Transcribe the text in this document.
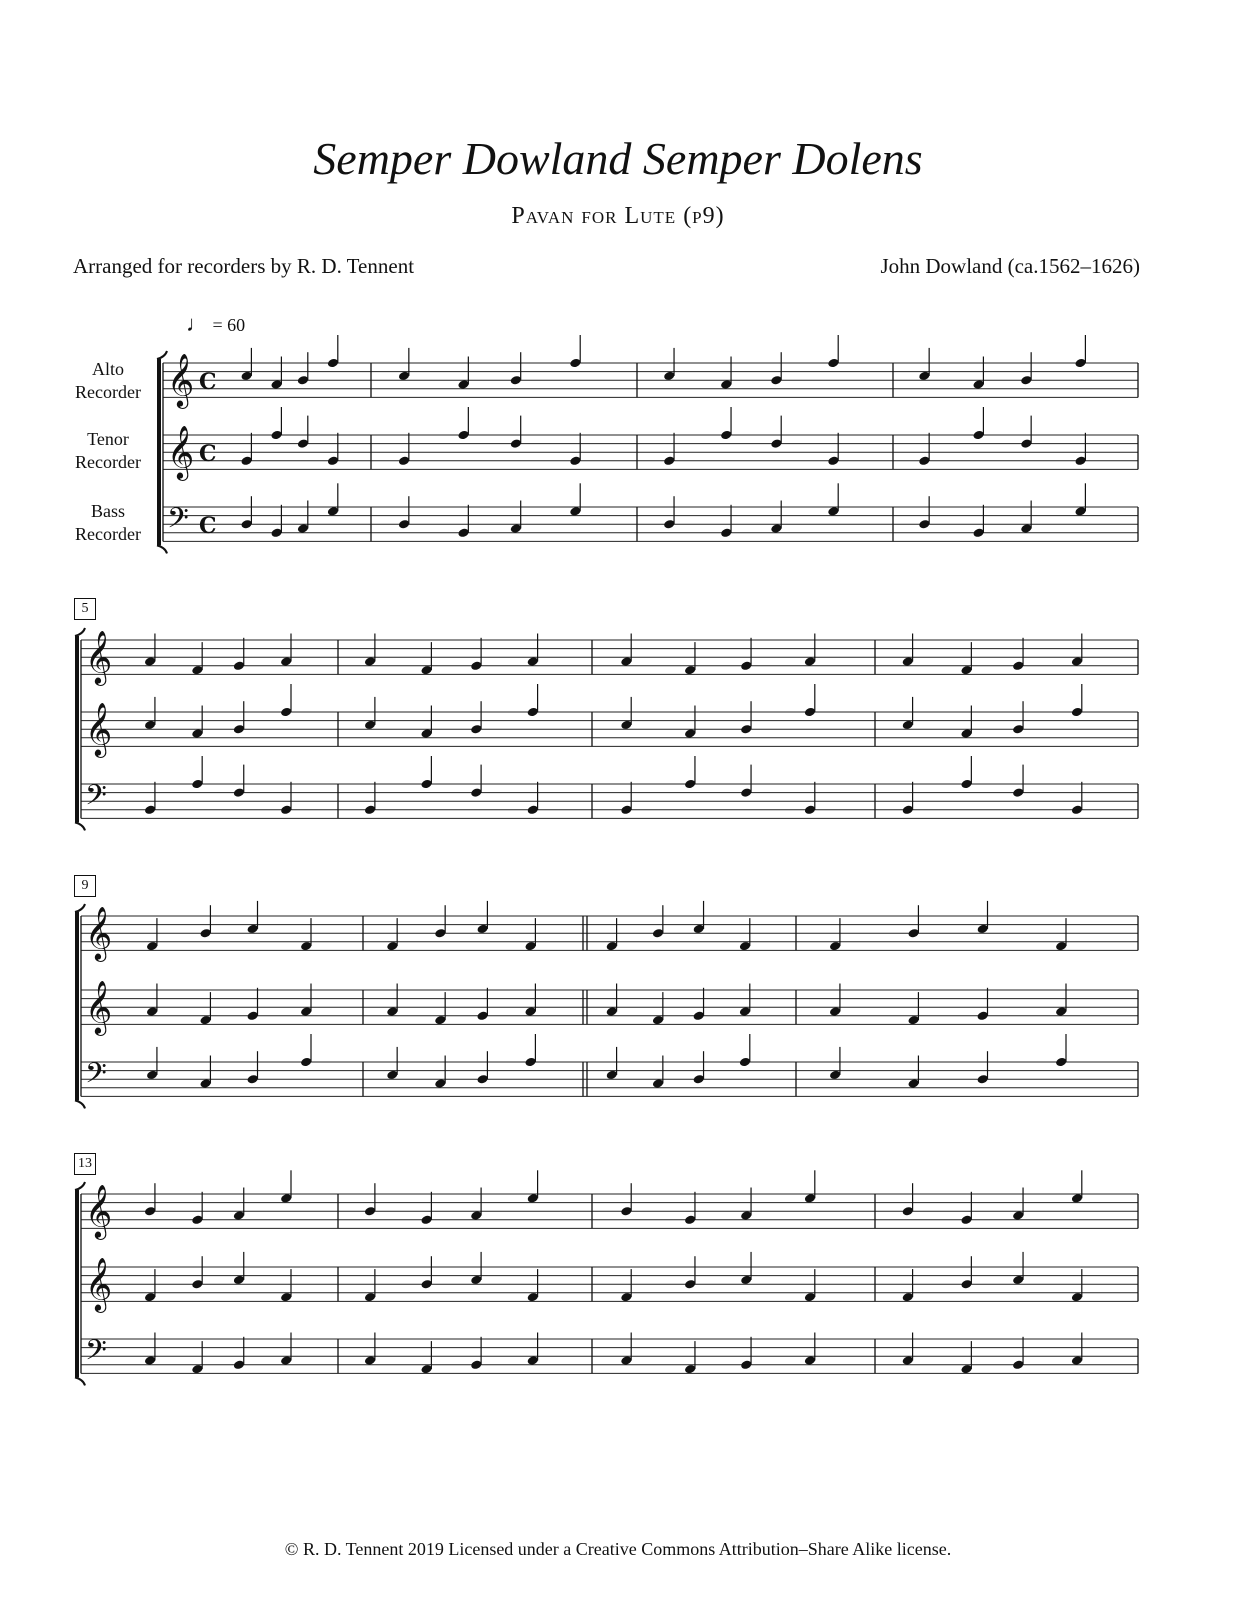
Semper Dowland Semper Dolens
Pavan for Lute (p9)
Arranged for recorders by R. D. Tennent	John Dowland (ca.1562–1626)
♩ = 60
Alto
Recorder
Tenor
Recorder
Bass
Recorder
5
9
13
𝄞 C
𝄞 C
𝄢 C
𝄞
𝄞
𝄢
𝄞
𝄞
𝄢
𝄞
𝄞
𝄢
© R. D. Tennent 2019 Licensed under a Creative Commons Attribution–Share Alike license.
